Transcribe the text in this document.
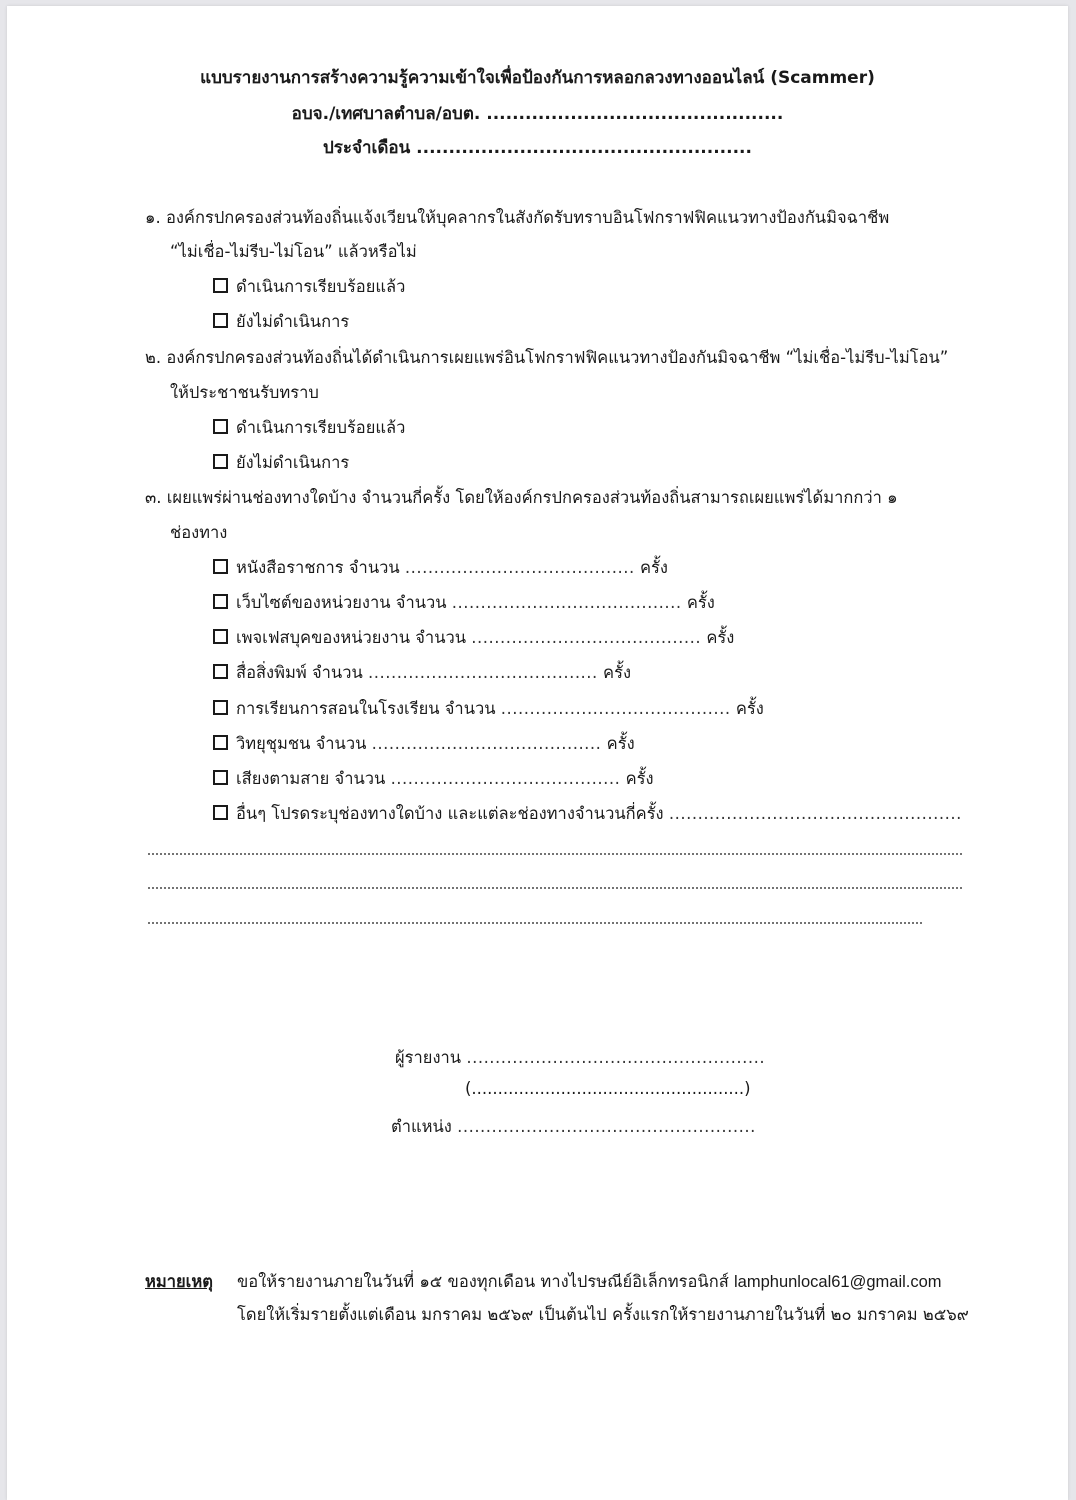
แบบรายงานการสร้างความรู้ความเข้าใจเพื่อป้องกันการหลอกลวงทางออนไลน์ (Scammer)
อบจ./เทศบาลตำบล/อบต. ..............................................
ประจำเดือน ....................................................
๑. องค์กรปกครองส่วนท้องถิ่นแจ้งเวียนให้บุคลากรในสังกัดรับทราบอินโฟกราฟฟิคแนวทางป้องกันมิจฉาชีพ
“ไม่เชื่อ-ไม่รีบ-ไม่โอน” แล้วหรือไม่
ดำเนินการเรียบร้อยแล้ว
ยังไม่ดำเนินการ
๒. องค์กรปกครองส่วนท้องถิ่นได้ดำเนินการเผยแพร่อินโฟกราฟฟิคแนวทางป้องกันมิจฉาชีพ “ไม่เชื่อ-ไม่รีบ-ไม่โอน”
ให้ประชาชนรับทราบ
ดำเนินการเรียบร้อยแล้ว
ยังไม่ดำเนินการ
๓. เผยแพร่ผ่านช่องทางใดบ้าง จำนวนกี่ครั้ง โดยให้องค์กรปกครองส่วนท้องถิ่นสามารถเผยแพร่ได้มากกว่า ๑
ช่องทาง
หนังสือราชการ จำนวน ........................................ ครั้ง
เว็บไซต์ของหน่วยงาน จำนวน ........................................ ครั้ง
เพจเฟสบุคของหน่วยงาน จำนวน ........................................ ครั้ง
สื่อสิ่งพิมพ์ จำนวน ........................................ ครั้ง
การเรียนการสอนในโรงเรียน จำนวน ........................................ ครั้ง
วิทยุชุมชน จำนวน ........................................ ครั้ง
เสียงตามสาย จำนวน ........................................ ครั้ง
อื่นๆ โปรดระบุช่องทางใดบ้าง และแต่ละช่องทางจำนวนกี่ครั้ง ...................................................
ผู้รายงาน ....................................................
(....................................................)
ตำแหน่ง ....................................................
หมายเหตุ ขอให้รายงานภายในวันที่ ๑๕ ของทุกเดือน ทางไปรษณีย์อิเล็กทรอนิกส์ lamphunlocal61@gmail.com
โดยให้เริ่มรายตั้งแต่เดือน มกราคม ๒๕๖๙ เป็นต้นไป ครั้งแรกให้รายงานภายในวันที่ ๒๐ มกราคม ๒๕๖๙
